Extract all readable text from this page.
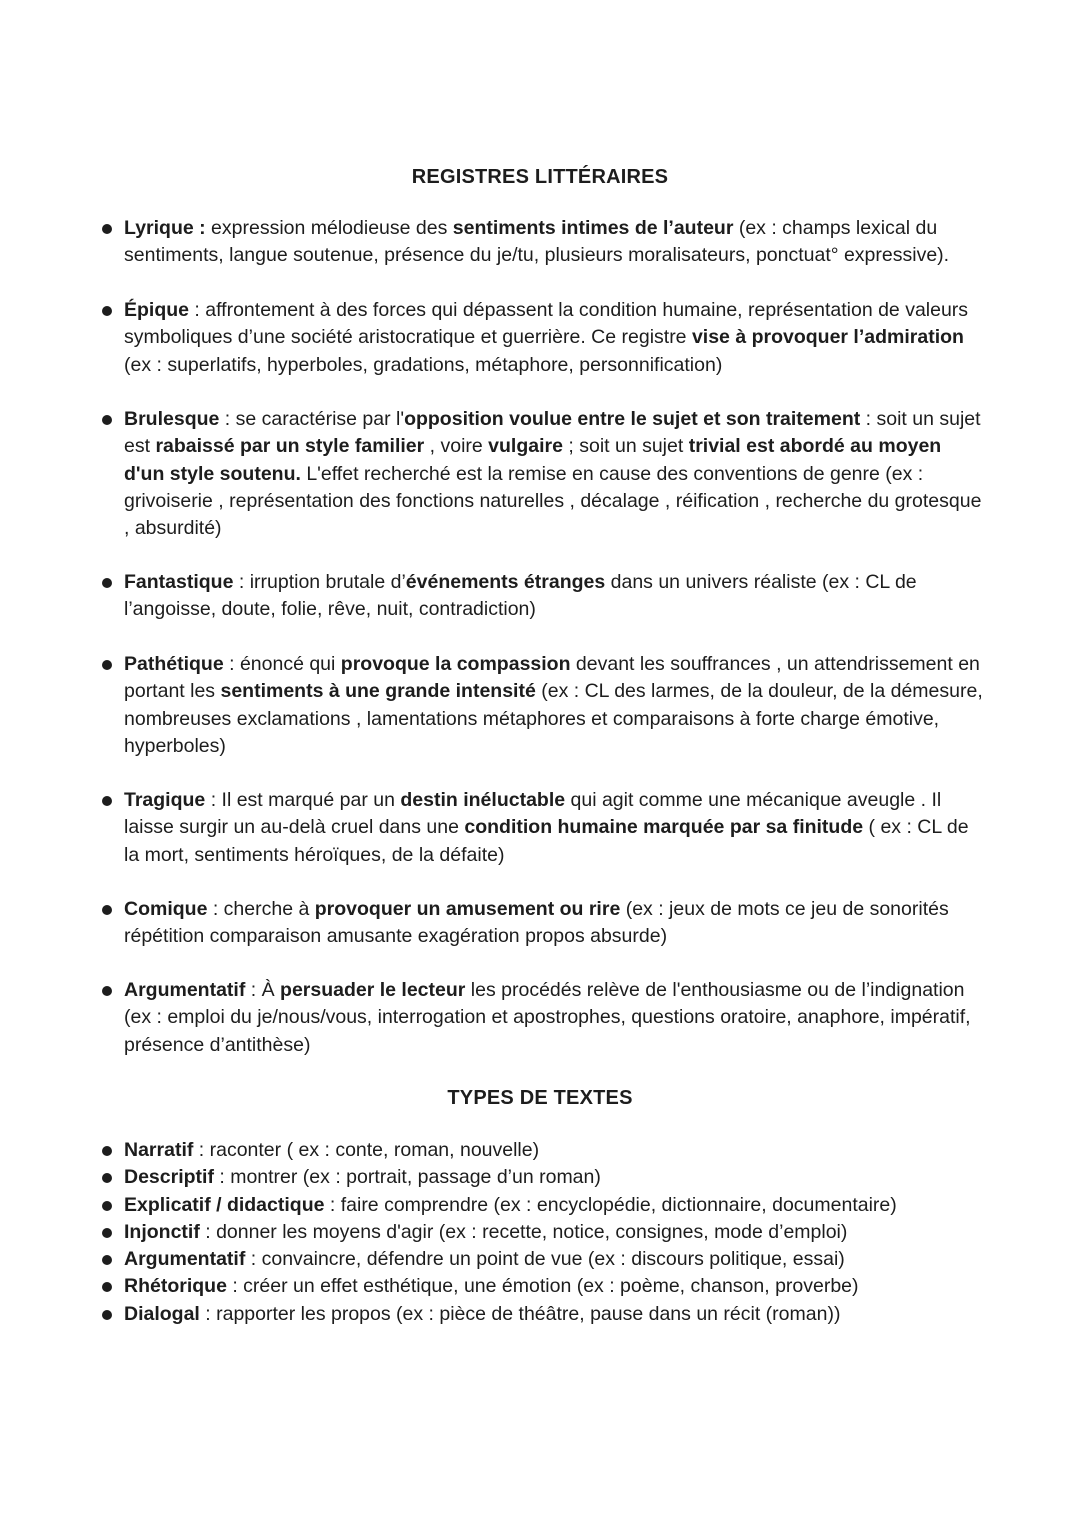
REGISTRES LITTÉRAIRES
Lyrique : expression mélodieuse des sentiments intimes de l’auteur (ex : champs lexical du sentiments, langue soutenue, présence du je/tu, plusieurs moralisateurs, ponctuat° expressive).
Épique : affrontement à des forces qui dépassent la condition humaine, représentation de valeurs symboliques d’une société aristocratique et guerrière. Ce registre vise à provoquer l’admiration (ex : superlatifs, hyperboles, gradations, métaphore, personnification)
Brulesque : se caractérise par l'opposition voulue entre le sujet et son traitement : soit un sujet est rabaissé par un style familier , voire vulgaire ; soit un sujet trivial est abordé au moyen d'un style soutenu. L'effet recherché est la remise en cause des conventions de genre (ex : grivoiserie , représentation des fonctions naturelles , décalage , réification , recherche du grotesque , absurdité)
Fantastique : irruption brutale d’événements étranges dans un univers réaliste (ex : CL de l’angoisse, doute, folie, rêve, nuit, contradiction)
Pathétique : énoncé qui provoque la compassion devant les souffrances , un attendrissement en portant les sentiments à une grande intensité (ex : CL des larmes, de la douleur, de la démesure, nombreuses exclamations , lamentations métaphores et comparaisons à forte charge émotive, hyperboles)
Tragique : Il est marqué par un destin inéluctable qui agit comme une mécanique aveugle . Il laisse surgir un au-delà cruel dans une condition humaine marquée par sa finitude ( ex : CL de la mort, sentiments héroïques, de la défaite)
Comique : cherche à provoquer un amusement ou rire (ex : jeux de mots ce jeu de sonorités répétition comparaison amusante exagération propos absurde)
Argumentatif : À persuader le lecteur les procédés relève de l'enthousiasme ou de l’indignation (ex : emploi du je/nous/vous, interrogation et apostrophes, questions oratoire, anaphore, impératif, présence d’antithèse)
TYPES DE TEXTES
Narratif : raconter ( ex : conte, roman, nouvelle)
Descriptif : montrer (ex : portrait, passage d’un roman)
Explicatif / didactique : faire comprendre (ex : encyclopédie, dictionnaire, documentaire)
Injonctif : donner les moyens d'agir (ex : recette, notice, consignes, mode d’emploi)
Argumentatif : convaincre, défendre un point de vue (ex : discours politique, essai)
Rhétorique : créer un effet esthétique, une émotion (ex : poème, chanson, proverbe)
Dialogal : rapporter les propos (ex : pièce de théâtre, pause dans un récit (roman))
